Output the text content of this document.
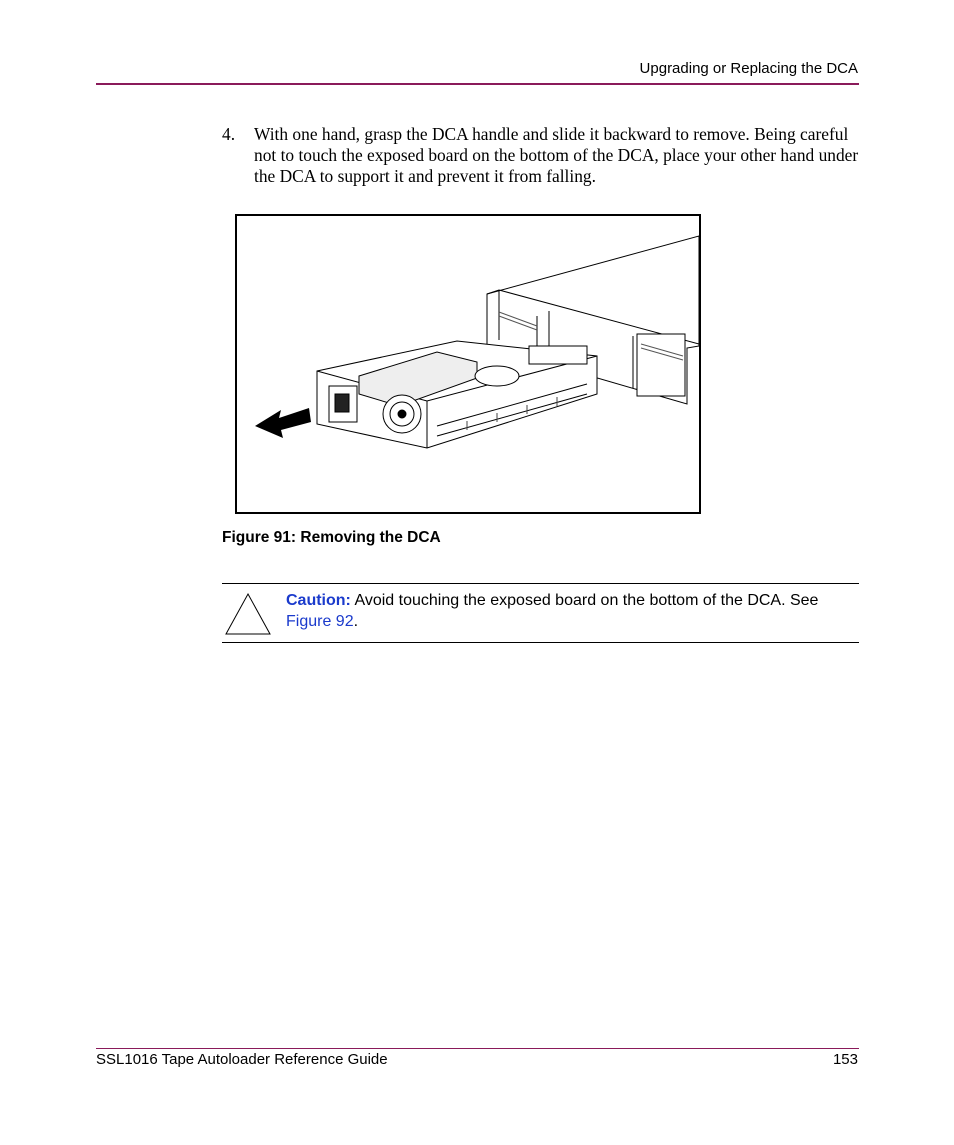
Upgrading or Replacing the DCA
4. With one hand, grasp the DCA handle and slide it backward to remove. Being careful not to touch the exposed board on the bottom of the DCA, place your other hand under the DCA to support it and prevent it from falling.
Figure 91: Removing the DCA
Caution: Avoid touching the exposed board on the bottom of the DCA. See Figure 92.
SSL1016 Tape Autoloader Reference Guide	153
